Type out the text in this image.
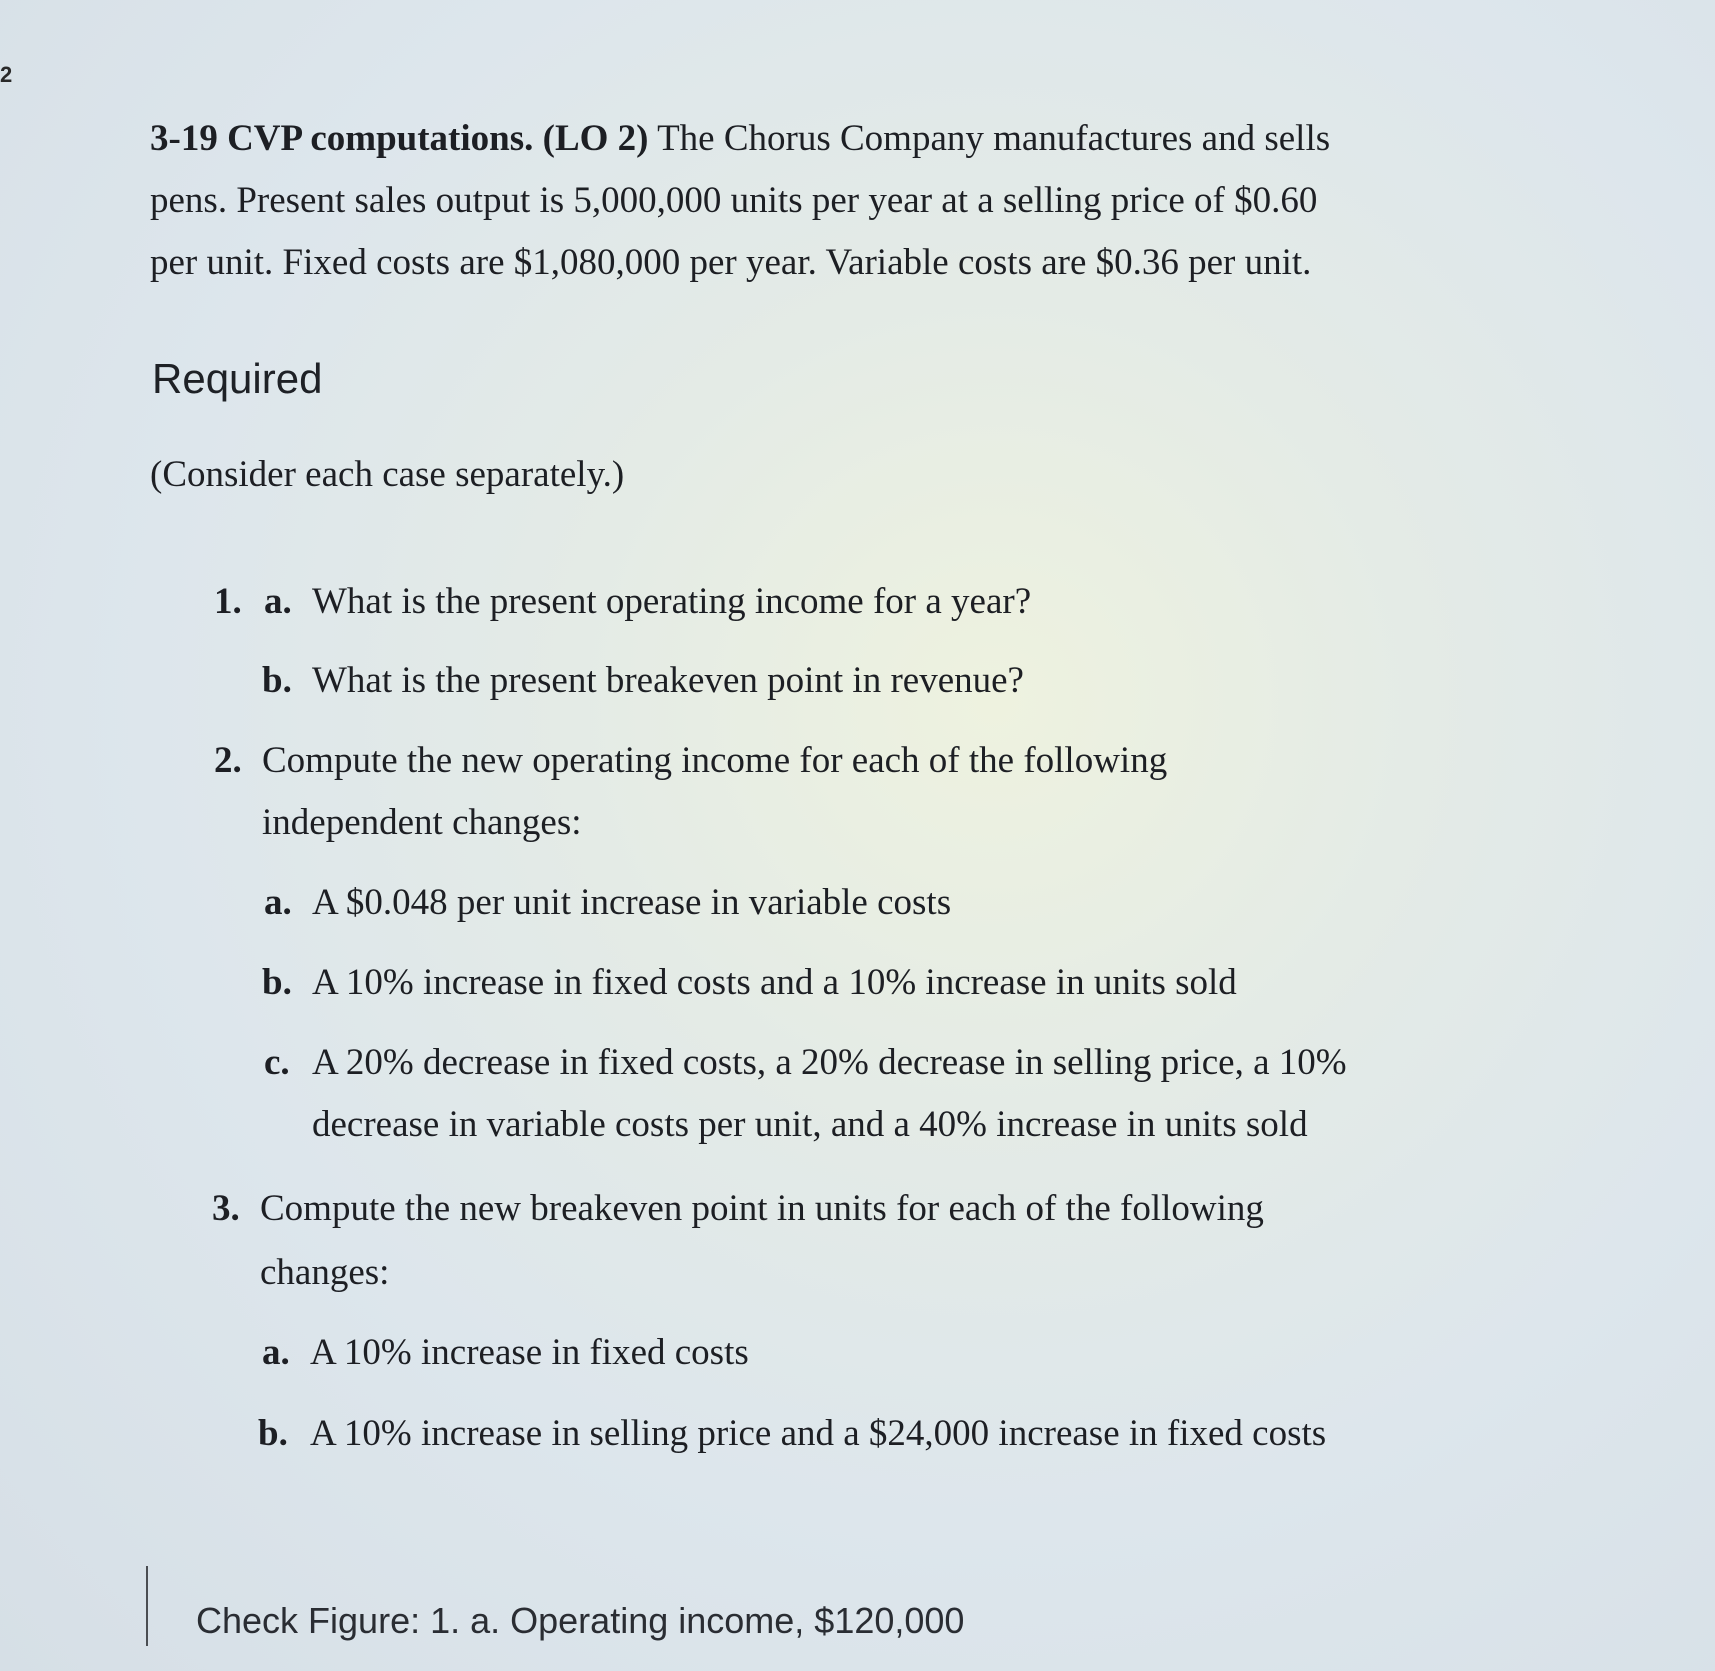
2
3-19 CVP computations. (LO 2) The Chorus Company manufactures and sells
pens. Present sales output is 5,000,000 units per year at a selling price of $0.60
per unit. Fixed costs are $1,080,000 per year. Variable costs are $0.36 per unit.
Required
(Consider each case separately.)
1. a. What is the present operating income for a year?
b. What is the present breakeven point in revenue?
2. Compute the new operating income for each of the following
independent changes:
a. A $0.048 per unit increase in variable costs
b. A 10% increase in fixed costs and a 10% increase in units sold
c. A 20% decrease in fixed costs, a 20% decrease in selling price, a 10%
decrease in variable costs per unit, and a 40% increase in units sold
3. Compute the new breakeven point in units for each of the following
changes:
a. A 10% increase in fixed costs
b. A 10% increase in selling price and a $24,000 increase in fixed costs
Check Figure: 1. a. Operating income, $120,000
